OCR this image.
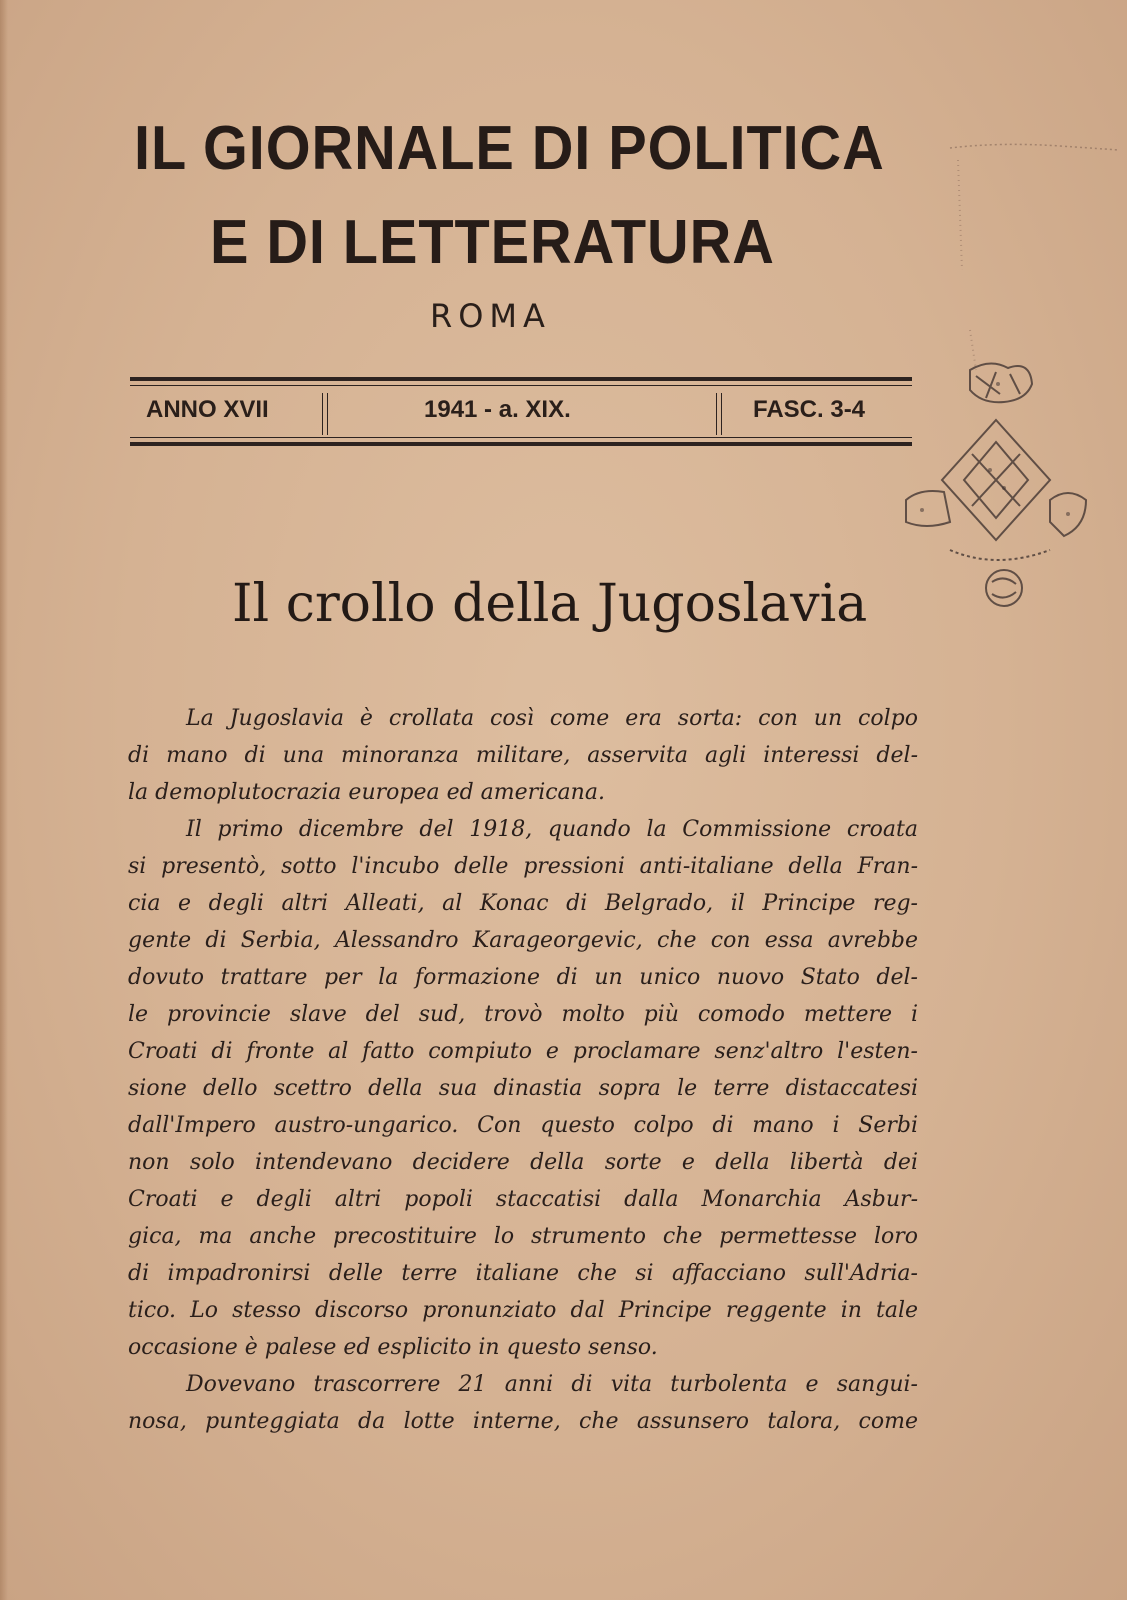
IL GIORNALE DI POLITICA
E DI LETTERATURA
ROMA
ANNO XVII	1941 - a. XIX.	FASC. 3-4
Il crollo della Jugoslavia
La Jugoslavia è crollata così come era sorta: con un colpo
di mano di una minoranza militare, asservita agli interessi del-
la demoplutocrazia europea ed americana.
Il primo dicembre del 1918, quando la Commissione croata
si presentò, sotto l'incubo delle pressioni anti-italiane della Fran-
cia e degli altri Alleati, al Konac di Belgrado, il Principe reg-
gente di Serbia, Alessandro Karageorgevic, che con essa avrebbe
dovuto trattare per la formazione di un unico nuovo Stato del-
le provincie slave del sud, trovò molto più comodo mettere i
Croati di fronte al fatto compiuto e proclamare senz'altro l'esten-
sione dello scettro della sua dinastia sopra le terre distaccatesi
dall'Impero austro-ungarico. Con questo colpo di mano i Serbi
non solo intendevano decidere della sorte e della libertà dei
Croati e degli altri popoli staccatisi dalla Monarchia Asbur-
gica, ma anche precostituire lo strumento che permettesse loro
di impadronirsi delle terre italiane che si affacciano sull'Adria-
tico. Lo stesso discorso pronunziato dal Principe reggente in tale
occasione è palese ed esplicito in questo senso.
Dovevano trascorrere 21 anni di vita turbolenta e sangui-
nosa, punteggiata da lotte interne, che assunsero talora, come
